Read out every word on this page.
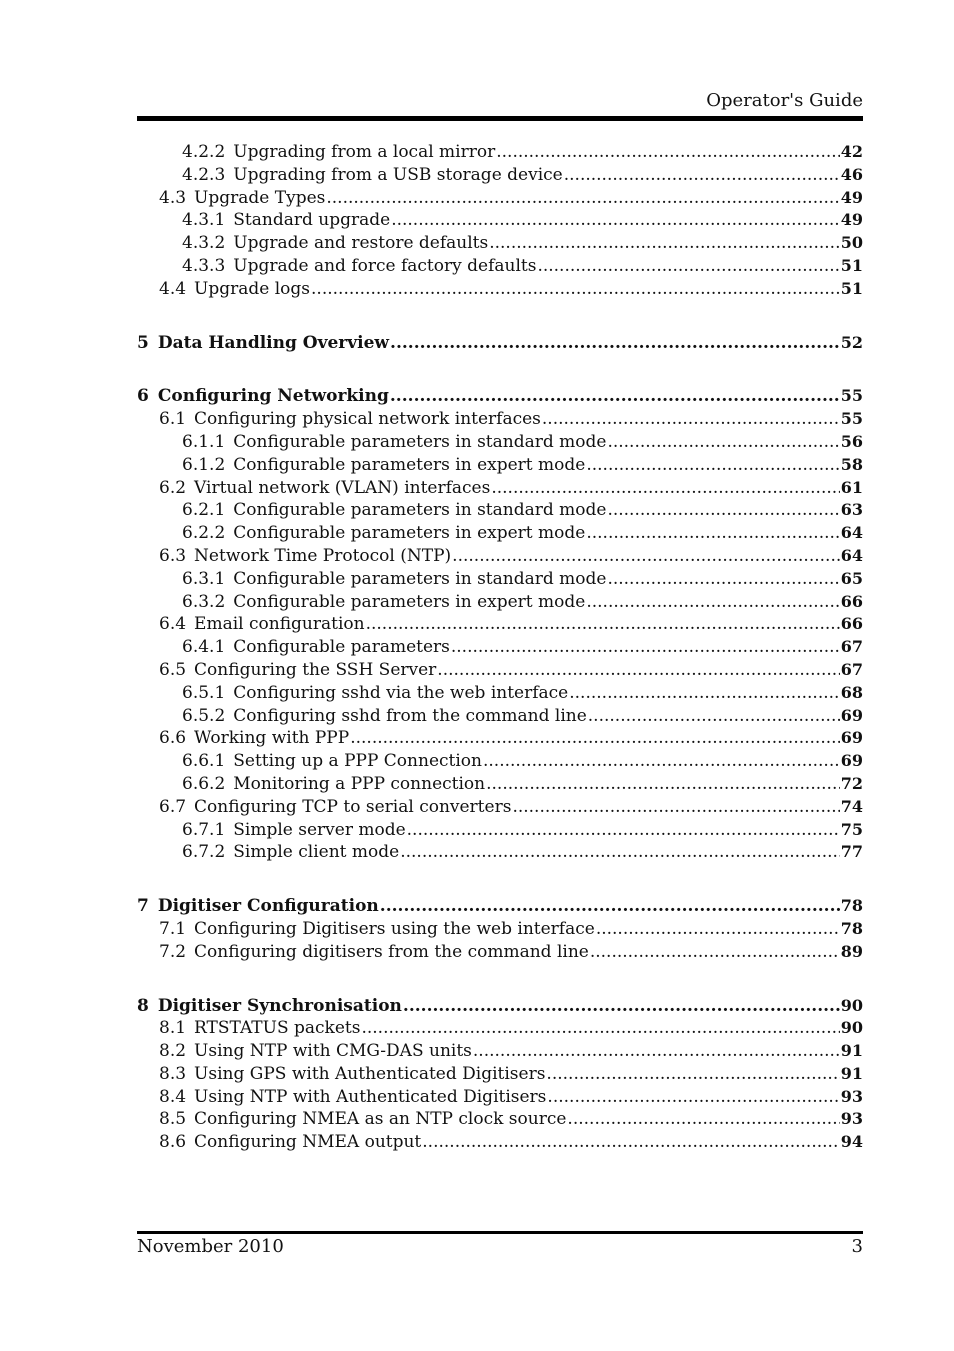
Operator's Guide
4.2.2 Upgrading from a local mirror .....	42
4.2.3 Upgrading from a USB storage device .....	46
4.3 Upgrade Types .....	49
4.3.1 Standard upgrade .....	49
4.3.2 Upgrade and restore defaults .....	50
4.3.3 Upgrade and force factory defaults .....	51
4.4 Upgrade logs .....	51
5 Data Handling Overview .....	52
6 Configuring Networking .....	55
6.1 Configuring physical network interfaces .....	55
6.1.1 Configurable parameters in standard mode .....	56
6.1.2 Configurable parameters in expert mode .....	58
6.2 Virtual network (VLAN) interfaces .....	61
6.2.1 Configurable parameters in standard mode .....	63
6.2.2 Configurable parameters in expert mode .....	64
6.3 Network Time Protocol (NTP) .....	64
6.3.1 Configurable parameters in standard mode .....	65
6.3.2 Configurable parameters in expert mode .....	66
6.4 Email configuration .....	66
6.4.1 Configurable parameters .....	67
6.5 Configuring the SSH Server .....	67
6.5.1 Configuring sshd via the web interface .....	68
6.5.2 Configuring sshd from the command line .....	69
6.6 Working with PPP .....	69
6.6.1 Setting up a PPP Connection .....	69
6.6.2 Monitoring a PPP connection .....	72
6.7 Configuring TCP to serial converters .....	74
6.7.1 Simple server mode .....	75
6.7.2 Simple client mode .....	77
7 Digitiser Configuration .....	78
7.1 Configuring Digitisers using the web interface .....	78
7.2 Configuring digitisers from the command line .....	89
8 Digitiser Synchronisation .....	90
8.1 RTSTATUS packets .....	90
8.2 Using NTP with CMG-DAS units .....	91
8.3 Using GPS with Authenticated Digitisers .....	91
8.4 Using NTP with Authenticated Digitisers .....	93
8.5 Configuring NMEA as an NTP clock source .....	93
8.6 Configuring NMEA output .....	94
November 2010	3
